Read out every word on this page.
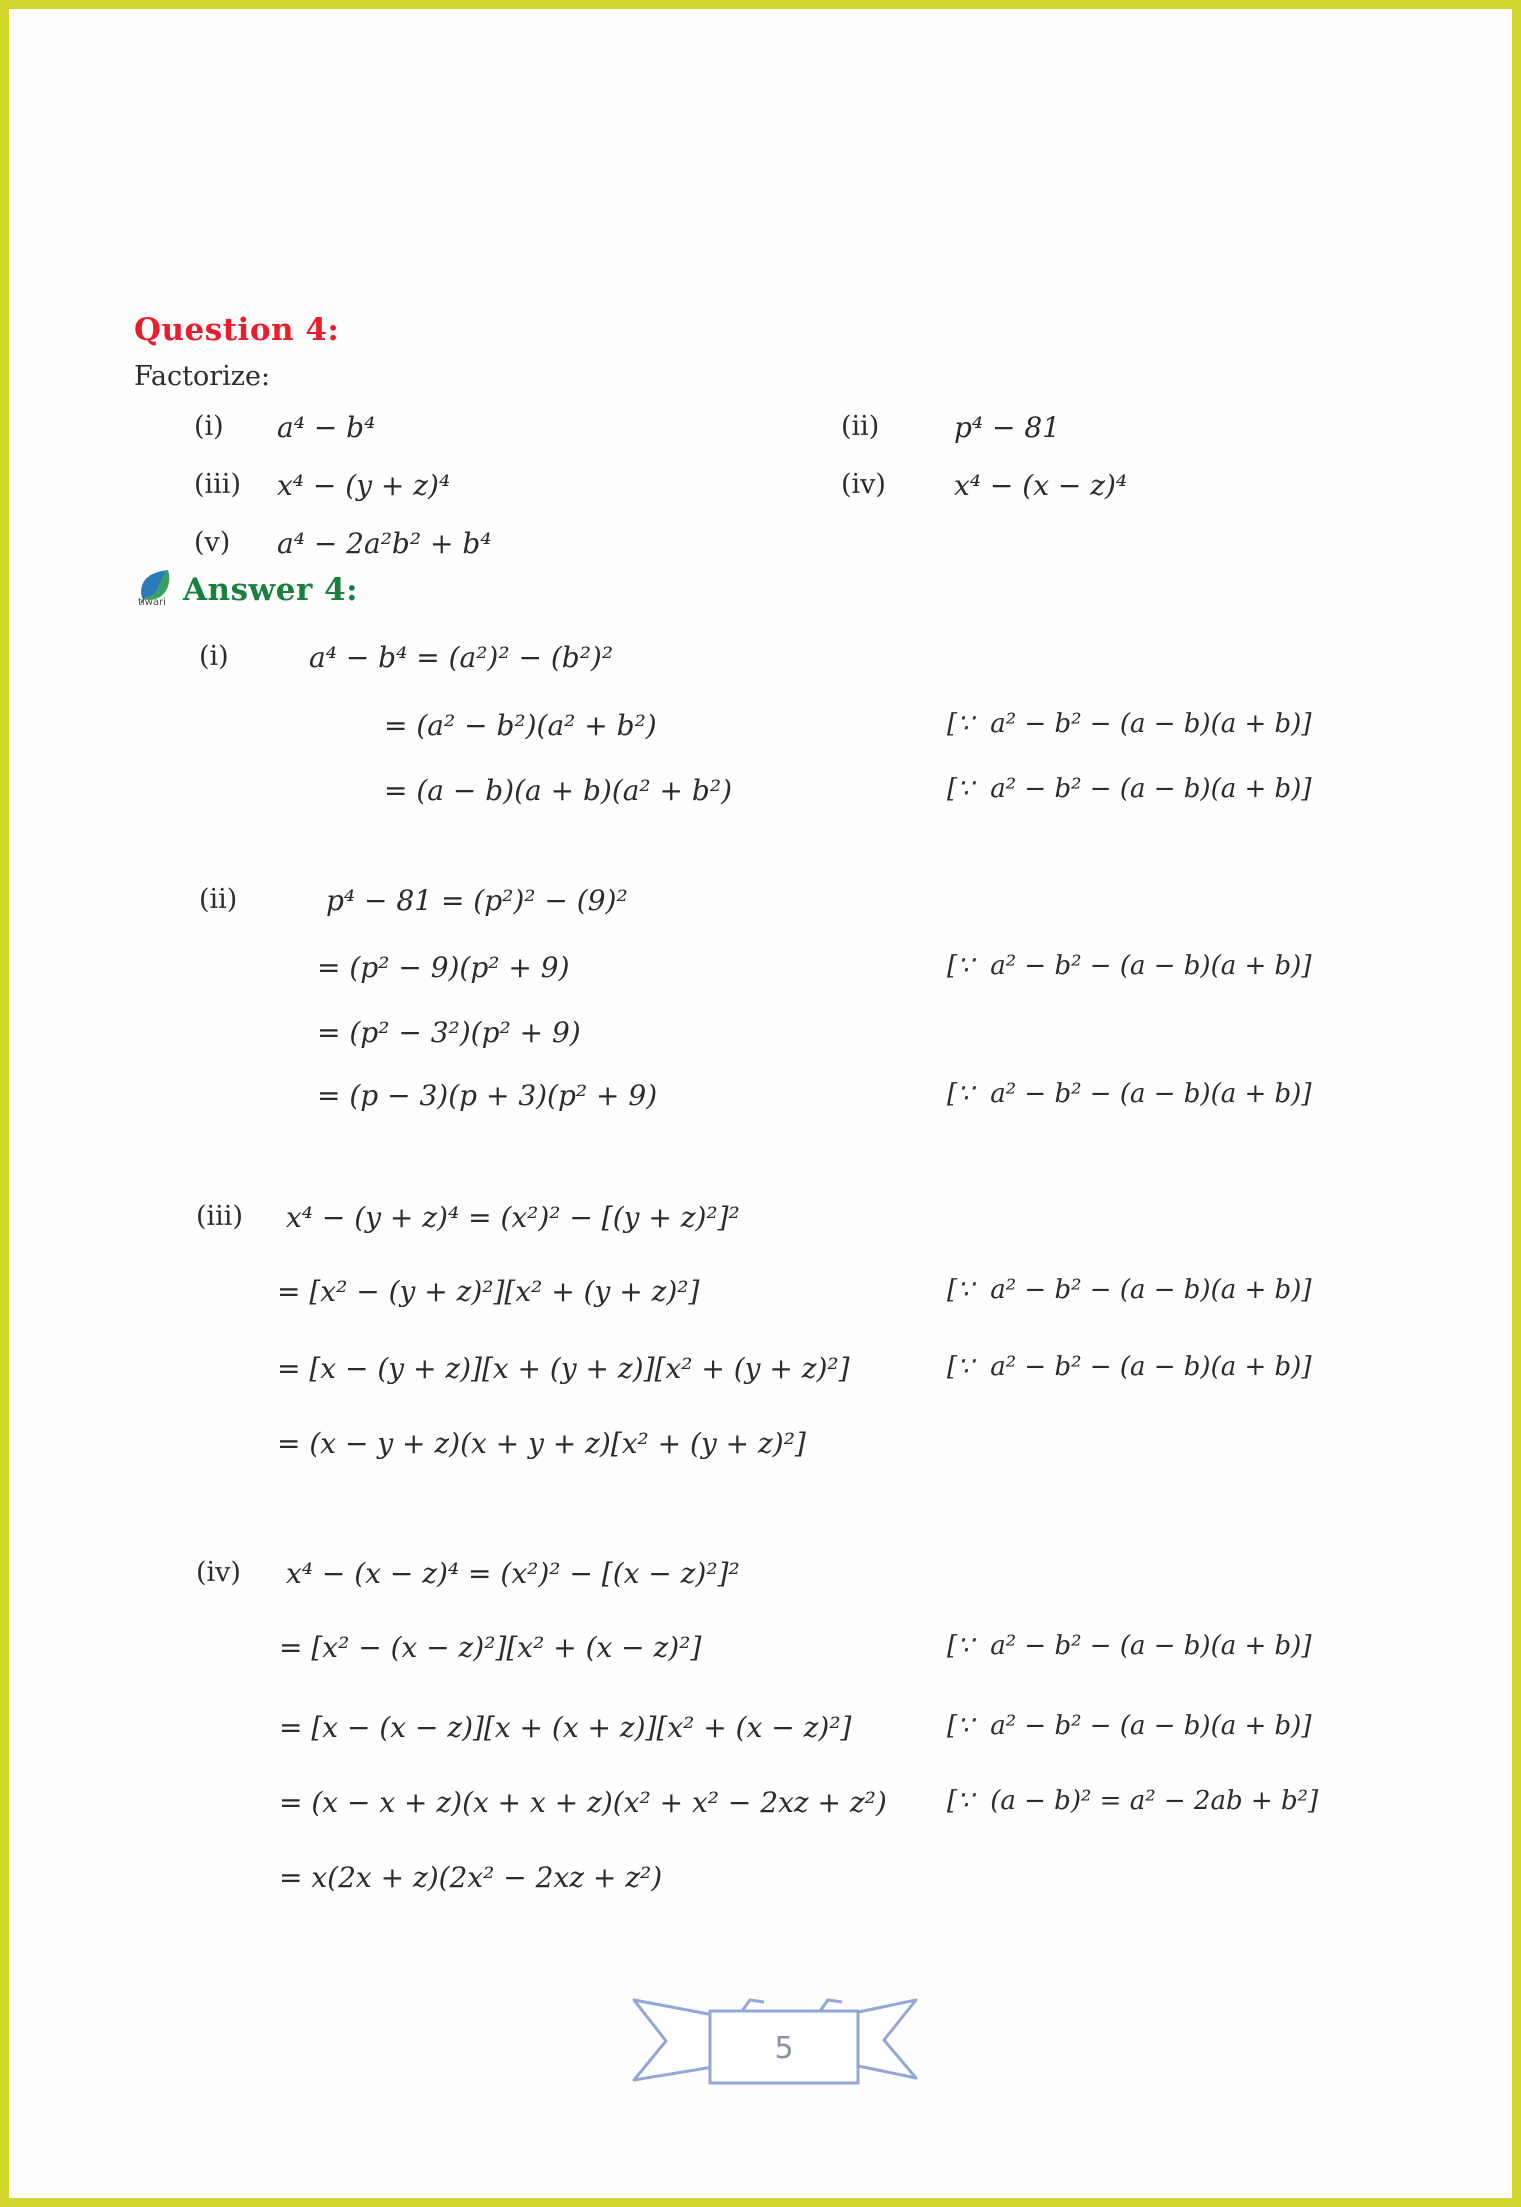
Question 4:
Factorize:
(i) a⁴ − b⁴	(ii)	p⁴ − 81
(iii) x⁴ − (y + z)⁴	(iv) x⁴ − (x − z)⁴
(v) a⁴ − 2a²b² + b⁴
tiwari Answer 4:
(i)	a⁴ − b⁴ = (a²)² − (b²)²
= (a² − b²)(a² + b²)	[∵  a² − b² − (a − b)(a + b)]
= (a − b)(a + b)(a² + b²)	[∵  a² − b² − (a − b)(a + b)]
(ii)	p⁴ − 81 = (p²)² − (9)²
= (p² − 9)(p² + 9)	[∵  a² − b² − (a − b)(a + b)]
= (p² − 3²)(p² + 9)
= (p − 3)(p + 3)(p² + 9)	[∵  a² − b² − (a − b)(a + b)]
(iii) x⁴ − (y + z)⁴ = (x²)² − [(y + z)²]²
= [x² − (y + z)²][x² + (y + z)²]	[∵  a² − b² − (a − b)(a + b)]
= [x − (y + z)][x + (y + z)][x² + (y + z)²]	[∵  a² − b² − (a − b)(a + b)]
= (x − y + z)(x + y + z)[x² + (y + z)²]
(iv) x⁴ − (x − z)⁴ = (x²)² − [(x − z)²]²
= [x² − (x − z)²][x² + (x − z)²]	[∵  a² − b² − (a − b)(a + b)]
= [x − (x − z)][x + (x + z)][x² + (x − z)²]	[∵  a² − b² − (a − b)(a + b)]
= (x − x + z)(x + x + z)(x² + x² − 2xz + z²) [∵  (a − b)² = a² − 2ab + b²]
= x(2x + z)(2x² − 2xz + z²)
5
